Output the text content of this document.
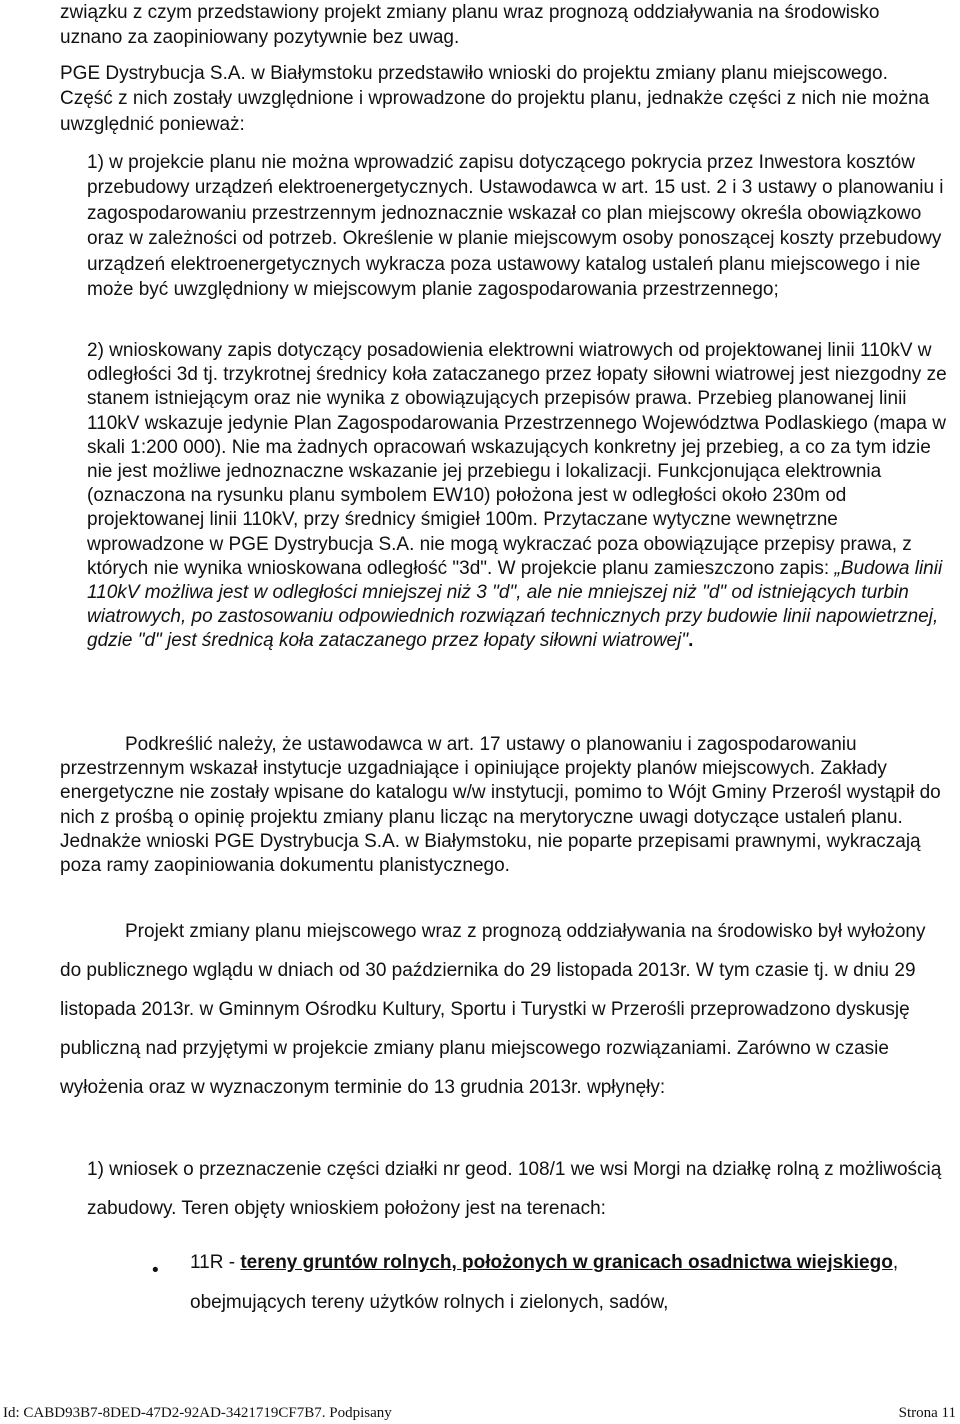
związku z czym przedstawiony projekt zmiany planu wraz prognozą oddziaływania na środowisko uznano za zaopiniowany pozytywnie bez uwag.

PGE Dystrybucja S.A. w Białymstoku przedstawiło wnioski do projektu zmiany planu miejscowego. Część z nich zostały uwzględnione i wprowadzone do projektu planu, jednakże części z nich nie można uwzględnić ponieważ:

1) w projekcie planu nie można wprowadzić zapisu dotyczącego pokrycia przez Inwestora kosztów przebudowy urządzeń elektroenergetycznych. Ustawodawca w art. 15 ust. 2 i 3 ustawy o planowaniu i zagospodarowaniu przestrzennym jednoznacznie wskazał co plan miejscowy określa obowiązkowo oraz w zależności od potrzeb. Określenie w planie miejscowym osoby ponoszącej koszty przebudowy urządzeń elektroenergetycznych wykracza poza ustawowy katalog ustaleń planu miejscowego i nie może być uwzględniony w miejscowym planie zagospodarowania przestrzennego;

2) wnioskowany zapis dotyczący posadowienia elektrowni wiatrowych od projektowanej linii 110kV w odległości 3d tj. trzykrotnej średnicy koła zataczanego przez łopaty siłowni wiatrowej jest niezgodny ze stanem istniejącym oraz nie wynika z obowiązujących przepisów prawa. Przebieg planowanej linii 110kV wskazuje jedynie Plan Zagospodarowania Przestrzennego Województwa Podlaskiego (mapa w skali 1:200 000). Nie ma żadnych opracowań wskazujących konkretny jej przebieg, a co za tym idzie nie jest możliwe jednoznaczne wskazanie jej przebiegu i lokalizacji. Funkcjonująca elektrownia (oznaczona na rysunku planu symbolem EW10) położona jest w odległości około 230m od projektowanej linii 110kV, przy średnicy śmigieł 100m. Przytaczane wytyczne wewnętrzne wprowadzone w PGE Dystrybucja S.A. nie mogą wykraczać poza obowiązujące przepisy prawa, z których nie wynika wnioskowana odległość "3d". W projekcie planu zamieszczono zapis: „Budowa linii 110kV możliwa jest w odległości mniejszej niż 3 "d", ale nie mniejszej niż "d" od istniejących turbin wiatrowych, po zastosowaniu odpowiednich rozwiązań technicznych przy budowie linii napowietrznej, gdzie "d" jest średnicą koła zataczanego przez łopaty siłowni wiatrowej".

Podkreślić należy, że ustawodawca w art. 17 ustawy o planowaniu i zagospodarowaniu przestrzennym wskazał instytucje uzgadniające i opiniujące projekty planów miejscowych. Zakłady energetyczne nie zostały wpisane do katalogu w/w instytucji, pomimo to Wójt Gminy Przerośl wystąpił do nich z prośbą o opinię projektu zmiany planu licząc na merytoryczne uwagi dotyczące ustaleń planu. Jednakże wnioski PGE Dystrybucja S.A. w Białymstoku, nie poparte przepisami prawnymi, wykraczają poza ramy zaopiniowania dokumentu planistycznego.

Projekt zmiany planu miejscowego wraz z prognozą oddziaływania na środowisko był wyłożony do publicznego wglądu w dniach od 30 października do 29 listopada 2013r. W tym czasie tj. w dniu 29 listopada 2013r. w Gminnym Ośrodku Kultury, Sportu i Turystki w Przerośli przeprowadzono dyskusję publiczną nad przyjętymi w projekcie zmiany planu miejscowego rozwiązaniami. Zarówno w czasie wyłożenia oraz w wyznaczonym terminie do 13 grudnia 2013r. wpłynęły:

1) wniosek o przeznaczenie części działki nr geod. 108/1 we wsi Morgi na działkę rolną z możliwością zabudowy. Teren objęty wnioskiem położony jest na terenach:

• 11R - tereny gruntów rolnych, położonych w granicach osadnictwa wiejskiego, obejmujących tereny użytków rolnych i zielonych, sadów,

Id: CABD93B7-8DED-47D2-92AD-3421719CF7B7. Podpisany	Strona 11
